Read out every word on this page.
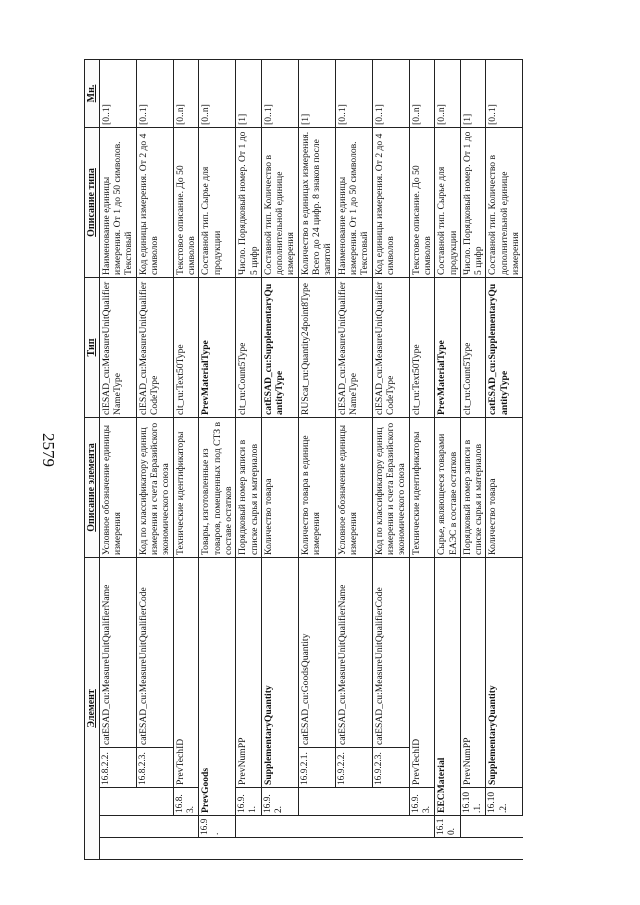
2579
Элемент					Описание элемента	Тип	Описание типа	Мн.
			16.8.2.2.	catESAD_cu:MeasureUnitQualifierName	Условное обозначение единицы измерения	clESAD_cu:MeasureUnitQualifierNameType	Наименование единицы измерения. От 1 до 50 символов. Текстовый	[0..1]
			16.8.2.3.	catESAD_cu:MeasureUnitQualifierCode	Код по классификатору единиц измерения и счета Евразийского экономического союза	clESAD_cu:MeasureUnitQualifierCodeType	Код единицы измерения. От 2 до 4 символов	[0..1]
		16.8.3.	PrevTechID		Технические идентификаторы	clt_ru:Text50Type	Текстовое описание. До 50 символов	[0..n]
	16.9.	PrevGoods			Товары, изготовленные из товаров, помещенных под СТЗ в составе остатков	PrevMaterialType	Составной тип. Сырье для продукции	[0..n]
		16.9.1.	PrevNumPP		Порядковый номер записи в списке сырья и материалов	clt_ru:Count5Type	Число. Порядковый номер. От 1 до 5 цифр	[1]
		16.9.2.	SupplementaryQuantity		Количество товара	catESAD_cu:SupplementaryQuantityType	Составной тип. Количество в дополнительной единице измерения	[0..1]
			16.9.2.1.	catESAD_cu:GoodsQuantity	Количество товара в единице измерения	RUScat_ru:Quantity24point8Type	Количество в единицах измерения. Всего до 24 цифр. 8 знаков после запятой	[1]
			16.9.2.2.	catESAD_cu:MeasureUnitQualifierName	Условное обозначение единицы измерения	clESAD_cu:MeasureUnitQualifierNameType	Наименование единицы измерения. От 1 до 50 символов. Текстовый	[0..1]
			16.9.2.3.	catESAD_cu:MeasureUnitQualifierCode	Код по классификатору единиц измерения и счета Евразийского экономического союза	clESAD_cu:MeasureUnitQualifierCodeType	Код единицы измерения. От 2 до 4 символов	[0..1]
		16.9.3.	PrevTechID		Технические идентификаторы	clt_ru:Text50Type	Текстовое описание. До 50 символов	[0..n]
	16.10.	EECMaterial			Сырье, являющееся товарами ЕАЭС в составе остатков	PrevMaterialType	Составной тип. Сырье для продукции	[0..n]
		16.10.1.	PrevNumPP		Порядковый номер записи в списке сырья и материалов	clt_ru:Count5Type	Число. Порядковый номер. От 1 до 5 цифр	[1]
		16.10.2.	SupplementaryQuantity		Количество товара	catESAD_cu:SupplementaryQuantityType	Составной тип. Количество в дополнительной единице измерения	[0..1]
